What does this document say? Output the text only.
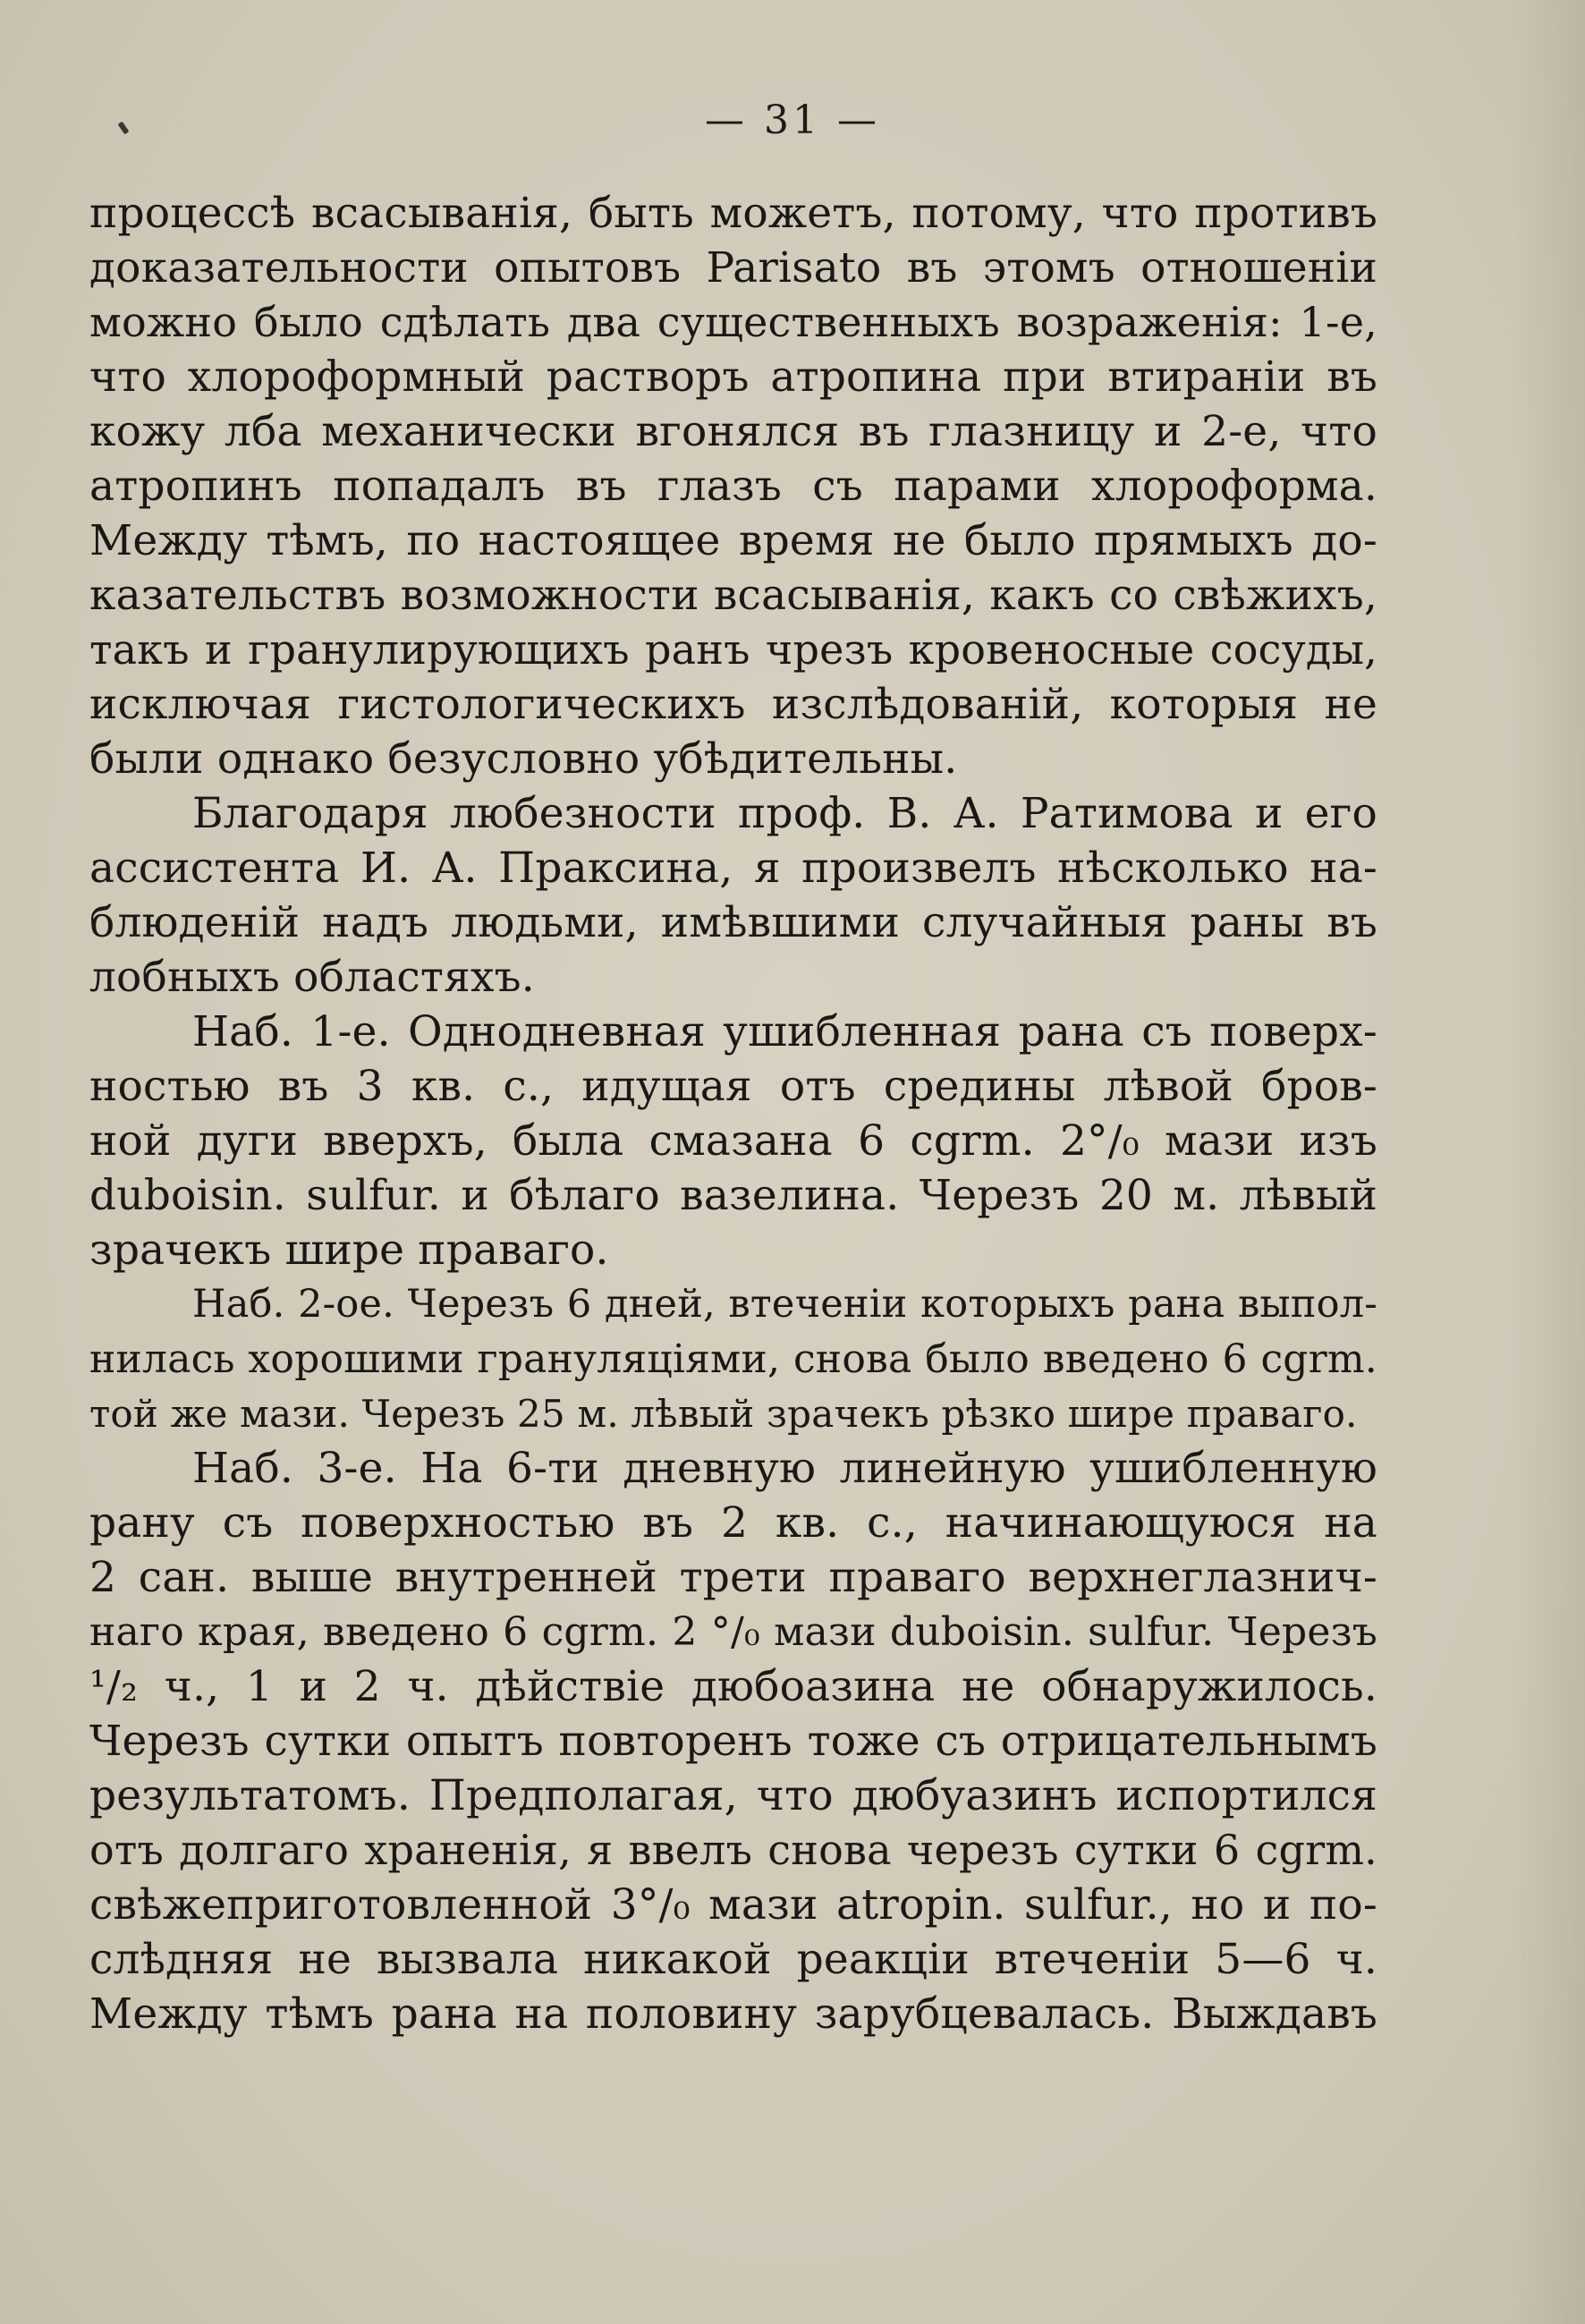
— 31 —
процессѣ всасыванія, быть можетъ, потому, что противъ
доказательности опытовъ Parisato въ этомъ отношеніи
можно было сдѣлать два существенныхъ возраженія: 1-е,
что хлороформный растворъ атропина при втираніи въ
кожу лба механически вгонялся въ глазницу и 2-е, что
атропинъ попадалъ въ глазъ съ парами хлороформа.
Между тѣмъ, по настоящее время не было прямыхъ до-
казательствъ возможности всасыванія, какъ со свѣжихъ,
такъ и гранулирующихъ ранъ чрезъ кровеносные сосуды,
исключая гистологическихъ изслѣдованій, которыя не
были однако безусловно убѣдительны.
Благодаря любезности проф. В. А. Ратимова и его
ассистента И. А. Праксина, я произвелъ нѣсколько на-
блюденій надъ людьми, имѣвшими случайныя раны въ
лобныхъ областяхъ.
Наб. 1-е. Однодневная ушибленная рана съ поверх-
ностью въ 3 кв. с., идущая отъ средины лѣвой бров-
ной дуги вверхъ, была смазана 6 cgrm. 2°/₀ мази изъ
duboisin. sulfur. и бѣлаго вазелина. Черезъ 20 м. лѣвый
зрачекъ шире праваго.
Наб. 2-ое. Черезъ 6 дней, втеченіи которыхъ рана выпол-
нилась хорошими грануляціями, снова было введено 6 cgrm.
той же мази. Черезъ 25 м. лѣвый зрачекъ рѣзко шире праваго.
Наб. 3-е. На 6-ти дневную линейную ушибленную
рану съ поверхностью въ 2 кв. с., начинающуюся на
2 сан. выше внутренней трети праваго верхнеглазнич-
наго края, введено 6 cgrm. 2 °/₀ мази duboisin. sulfur. Черезъ
¹/₂ ч., 1 и 2 ч. дѣйствіе дюбоазина не обнаружилось.
Черезъ сутки опытъ повторенъ тоже съ отрицательнымъ
результатомъ. Предполагая, что дюбуазинъ испортился
отъ долгаго храненія, я ввелъ снова черезъ сутки 6 cgrm.
свѣжеприготовленной 3°/₀ мази atropin. sulfur., но и по-
слѣдняя не вызвала никакой реакціи втеченіи 5—6 ч.
Между тѣмъ рана на половину зарубцевалась. Выждавъ
